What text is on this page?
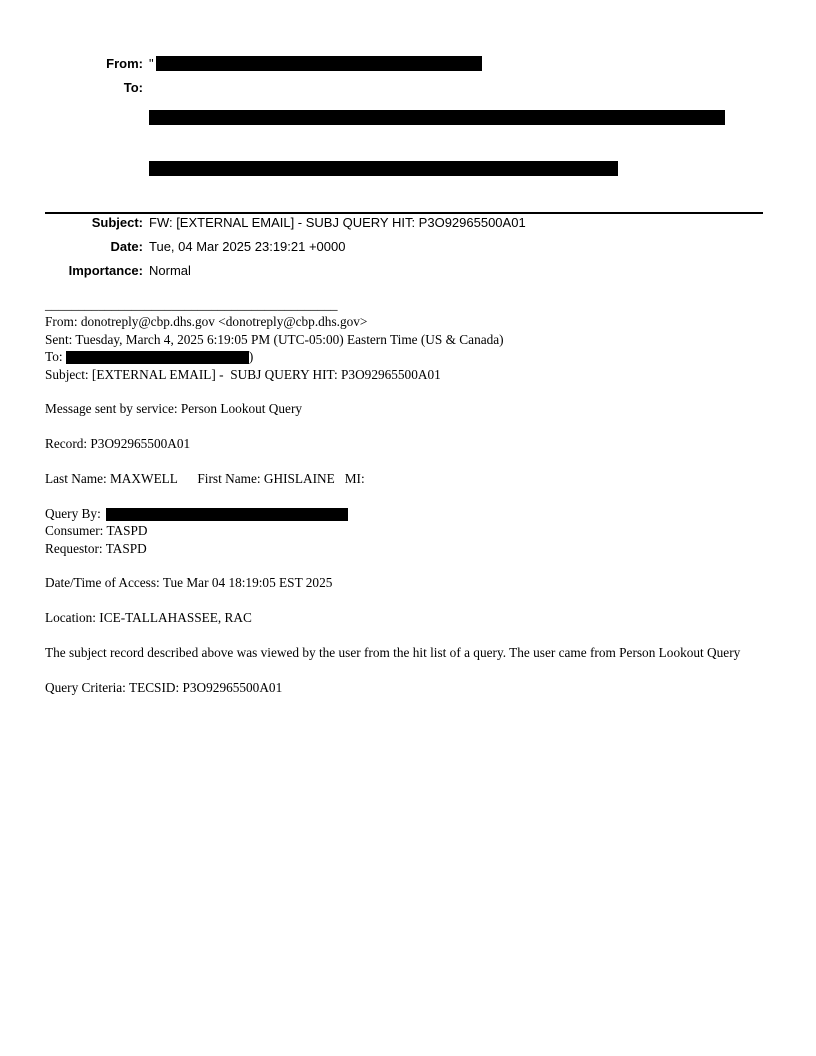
From: "
To:

Subject: FW: [EXTERNAL EMAIL] - SUBJ QUERY HIT: P3O92965500A01
Date: Tue, 04 Mar 2025 23:19:21 +0000
Importance: Normal
____________________________________________
From: donotreply@cbp.dhs.gov <donotreply@cbp.dhs.gov>
Sent: Tuesday, March 4, 2025 6:19:05 PM (UTC-05:00) Eastern Time (US & Canada)
To:	)
Subject: [EXTERNAL EMAIL] -  SUBJ QUERY HIT: P3O92965500A01
Message sent by service: Person Lookout Query
Record: P3O92965500A01
Last Name: MAXWELL      First Name: GHISLAINE   MI:
Query By:
Consumer: TASPD
Requestor: TASPD
Date/Time of Access: Tue Mar 04 18:19:05 EST 2025
Location: ICE-TALLAHASSEE, RAC
The subject record described above was viewed by the user from the hit list of a query. The user came from Person Lookout Query
Query Criteria: TECSID: P3O92965500A01
